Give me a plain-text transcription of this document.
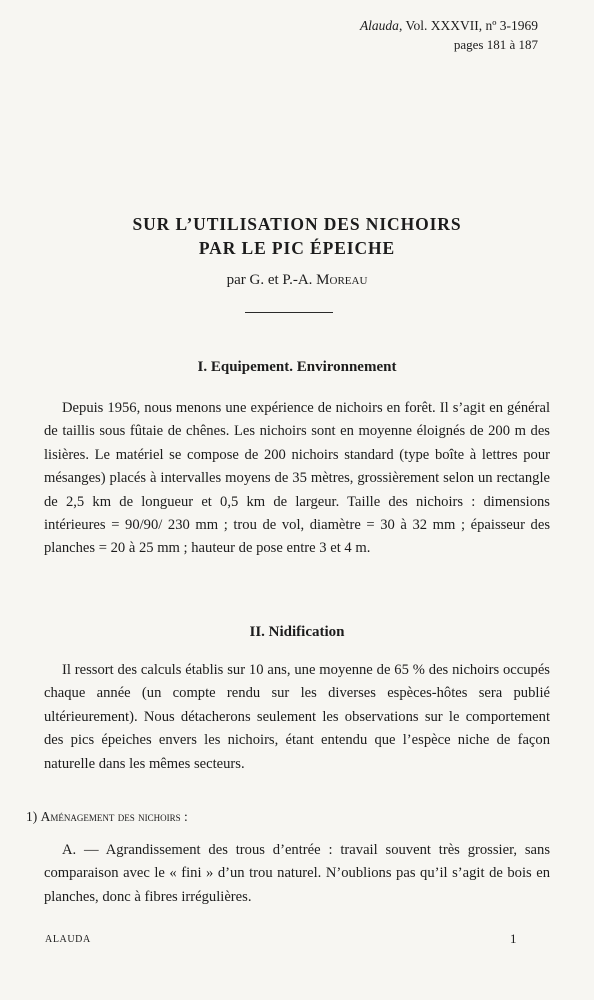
Alauda, Vol. XXXVII, nº 3-1969
pages 181 à 187
SUR L’UTILISATION DES NICHOIRS
PAR LE PIC ÉPEICHE
par G. et P.-A. Moreau
I. Equipement. Environnement

Depuis 1956, nous menons une expérience de nichoirs en forêt. Il s’agit en général de taillis sous fûtaie de chênes. Les nichoirs sont en moyenne éloignés de 200 m des lisières. Le matériel se compose de 200 nichoirs standard (type boîte à lettres pour mésanges) placés à intervalles moyens de 35 mètres, grossièrement selon un rectangle de 2,5 km de longueur et 0,5 km de largeur. Taille des nichoirs : dimensions intérieures = 90/90/ 230 mm ; trou de vol, diamètre = 30 à 32 mm ; épaisseur des planches = 20 à 25 mm ; hauteur de pose entre 3 et 4 m.

II. Nidification

Il ressort des calculs établis sur 10 ans, une moyenne de 65 % des nichoirs occupés chaque année (un compte rendu sur les diverses espèces-hôtes sera publié ultérieurement). Nous détacherons seulement les observations sur le comportement des pics épeiches envers les nichoirs, étant entendu que l’espèce niche de façon naturelle dans les mêmes secteurs.

1) Aménagement des nichoirs :

A. — Agrandissement des trous d’entrée : travail souvent très grossier, sans comparaison avec le « fini » d’un trou naturel. N’oublions pas qu’il s’agit de bois en planches, donc à fibres irrégulières.

ALAUDA	1
